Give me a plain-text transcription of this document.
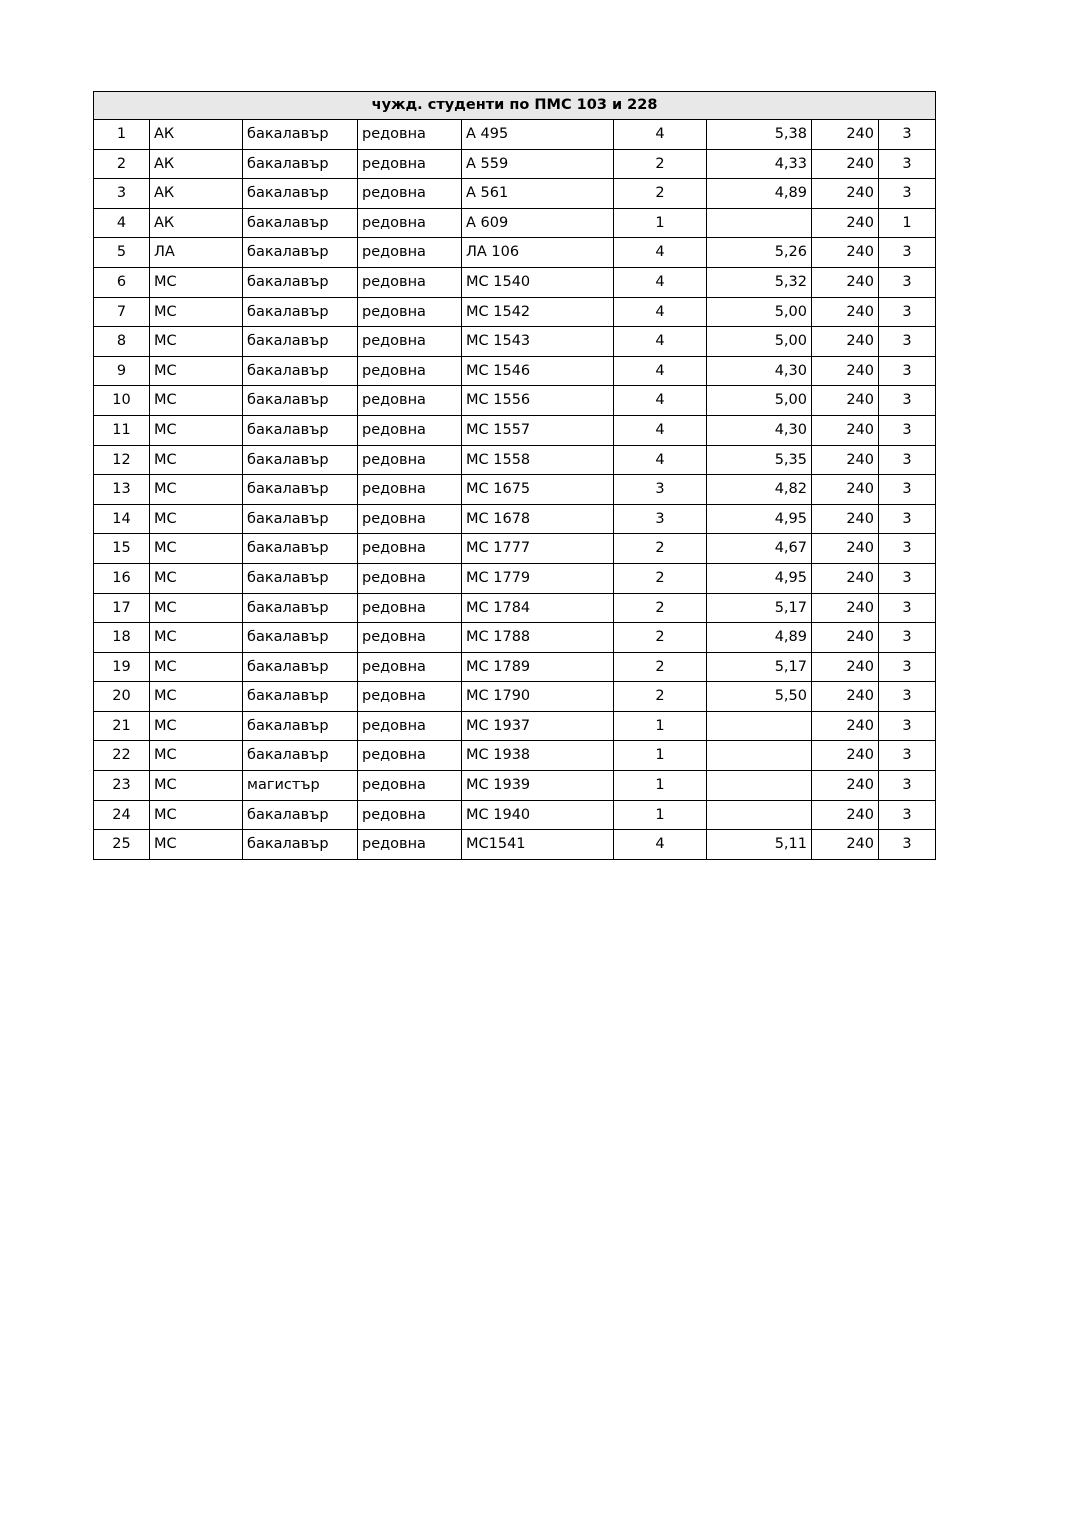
чужд. студенти по ПМС 103 и 228								
1	АК	бакалавър	редовна	А 495	4	5,38	240	3
2	АК	бакалавър	редовна	А 559	2	4,33	240	3
3	АК	бакалавър	редовна	А 561	2	4,89	240	3
4	АК	бакалавър	редовна	А 609	1		240	1
5	ЛА	бакалавър	редовна	ЛА 106	4	5,26	240	3
6	МС	бакалавър	редовна	МС 1540	4	5,32	240	3
7	МС	бакалавър	редовна	МС 1542	4	5,00	240	3
8	МС	бакалавър	редовна	МС 1543	4	5,00	240	3
9	МС	бакалавър	редовна	МС 1546	4	4,30	240	3
10	МС	бакалавър	редовна	МС 1556	4	5,00	240	3
11	МС	бакалавър	редовна	МС 1557	4	4,30	240	3
12	МС	бакалавър	редовна	МС 1558	4	5,35	240	3
13	МС	бакалавър	редовна	МС 1675	3	4,82	240	3
14	МС	бакалавър	редовна	МС 1678	3	4,95	240	3
15	МС	бакалавър	редовна	МС 1777	2	4,67	240	3
16	МС	бакалавър	редовна	МС 1779	2	4,95	240	3
17	МС	бакалавър	редовна	МС 1784	2	5,17	240	3
18	МС	бакалавър	редовна	МС 1788	2	4,89	240	3
19	МС	бакалавър	редовна	МС 1789	2	5,17	240	3
20	МС	бакалавър	редовна	МС 1790	2	5,50	240	3
21	МС	бакалавър	редовна	МС 1937	1		240	3
22	МС	бакалавър	редовна	МС 1938	1		240	3
23	МС	магистър	редовна	МС 1939	1		240	3
24	МС	бакалавър	редовна	МС 1940	1		240	3
25	МС	бакалавър	редовна	МС1541	4	5,11	240	3
